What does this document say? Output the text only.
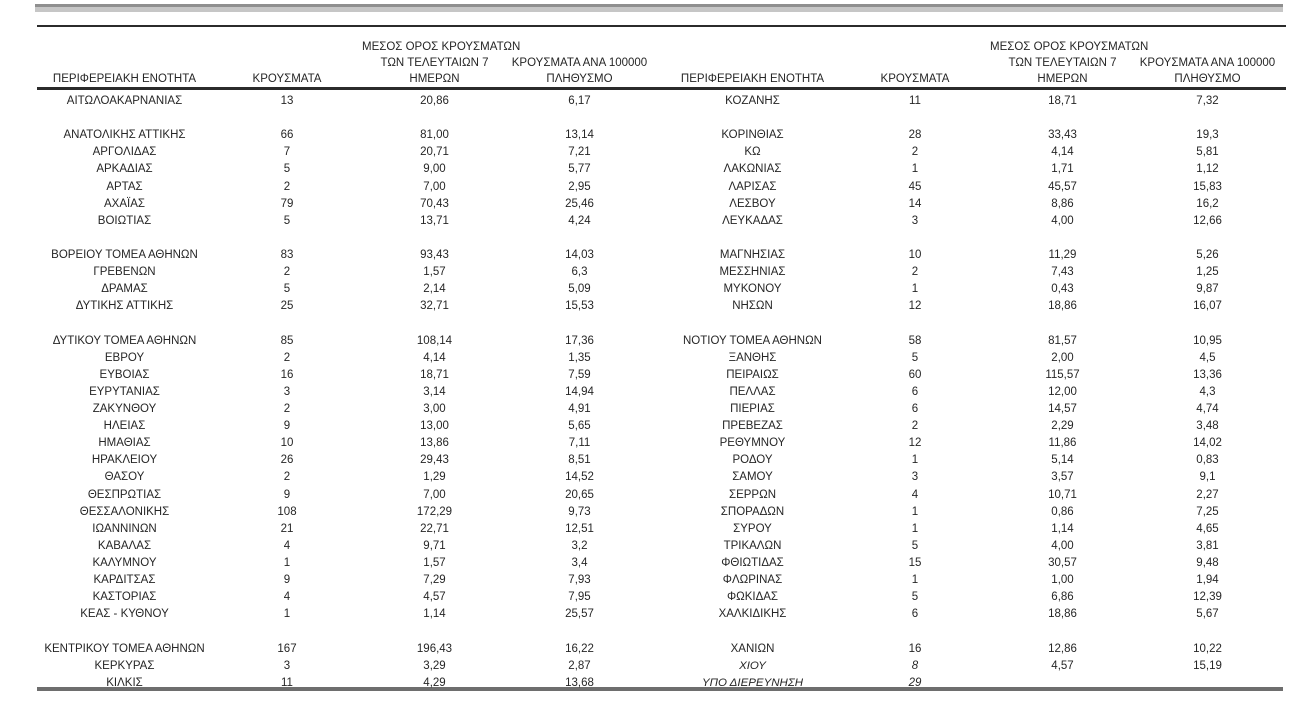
ΠΕΡΙΦΕΡΕΙΑΚΗ ΕΝΟΤΗΤΑ	ΚΡΟΥΣΜΑΤΑ
ΜΕΣΟΣ ΟΡΟΣ ΚΡΟΥΣΜΑΤΩΝ
ΤΩΝ ΤΕΛΕΥΤΑΙΩΝ 7
ΗΜΕΡΩΝ
ΚΡΟΥΣΜΑΤΑ ΑΝΑ 100000
ΠΛΗΘΥΣΜΟ
ΑΙΤΩΛΟΑΚΑΡΝΑΝΙΑΣ	13	20,86	6,17
ΑΝΑΤΟΛΙΚΗΣ ΑΤΤΙΚΗΣ	66	81,00	13,14
ΑΡΓΟΛΙΔΑΣ	7	20,71	7,21
ΑΡΚΑΔΙΑΣ	5	9,00	5,77
ΑΡΤΑΣ	2	7,00	2,95
ΑΧΑΪΑΣ	79	70,43	25,46
ΒΟΙΩΤΙΑΣ	5	13,71	4,24
ΒΟΡΕΙΟΥ ΤΟΜΕΑ ΑΘΗΝΩΝ	83	93,43	14,03
ΓΡΕΒΕΝΩΝ	2	1,57	6,3
ΔΡΑΜΑΣ	5	2,14	5,09
ΔΥΤΙΚΗΣ ΑΤΤΙΚΗΣ	25	32,71	15,53
ΔΥΤΙΚΟΥ ΤΟΜΕΑ ΑΘΗΝΩΝ	85	108,14	17,36
ΕΒΡΟΥ	2	4,14	1,35
ΕΥΒΟΙΑΣ	16	18,71	7,59
ΕΥΡΥΤΑΝΙΑΣ	3	3,14	14,94
ΖΑΚΥΝΘΟΥ	2	3,00	4,91
ΗΛΕΙΑΣ	9	13,00	5,65
ΗΜΑΘΙΑΣ	10	13,86	7,11
ΗΡΑΚΛΕΙΟΥ	26	29,43	8,51
ΘΑΣΟΥ	2	1,29	14,52
ΘΕΣΠΡΩΤΙΑΣ	9	7,00	20,65
ΘΕΣΣΑΛΟΝΙΚΗΣ	108	172,29	9,73
ΙΩΑΝΝΙΝΩΝ	21	22,71	12,51
ΚΑΒΑΛΑΣ	4	9,71	3,2
ΚΑΛΥΜΝΟΥ	1	1,57	3,4
ΚΑΡΔΙΤΣΑΣ	9	7,29	7,93
ΚΑΣΤΟΡΙΑΣ	4	4,57	7,95
ΚΕΑΣ - ΚΥΘΝΟΥ	1	1,14	25,57
ΚΕΝΤΡΙΚΟΥ ΤΟΜΕΑ ΑΘΗΝΩΝ	167	196,43	16,22
ΚΕΡΚΥΡΑΣ	3	3,29	2,87
ΚΙΛΚΙΣ	11	4,29	13,68
ΠΕΡΙΦΕΡΕΙΑΚΗ ΕΝΟΤΗΤΑ	ΚΡΟΥΣΜΑΤΑ
ΜΕΣΟΣ ΟΡΟΣ ΚΡΟΥΣΜΑΤΩΝ
ΤΩΝ ΤΕΛΕΥΤΑΙΩΝ 7
ΗΜΕΡΩΝ
ΚΡΟΥΣΜΑΤΑ ΑΝΑ 100000
ΠΛΗΘΥΣΜΟ
ΚΟΖΑΝΗΣ	11	18,71	7,32
ΚΟΡΙΝΘΙΑΣ	28	33,43	19,3
ΚΩ	2	4,14	5,81
ΛΑΚΩΝΙΑΣ	1	1,71	1,12
ΛΑΡΙΣΑΣ	45	45,57	15,83
ΛΕΣΒΟΥ	14	8,86	16,2
ΛΕΥΚΑΔΑΣ	3	4,00	12,66
ΜΑΓΝΗΣΙΑΣ	10	11,29	5,26
ΜΕΣΣΗΝΙΑΣ	2	7,43	1,25
ΜΥΚΟΝΟΥ	1	0,43	9,87
ΝΗΣΩΝ	12	18,86	16,07
ΝΟΤΙΟΥ ΤΟΜΕΑ ΑΘΗΝΩΝ	58	81,57	10,95
ΞΑΝΘΗΣ	5	2,00	4,5
ΠΕΙΡΑΙΩΣ	60	115,57	13,36
ΠΕΛΛΑΣ	6	12,00	4,3
ΠΙΕΡΙΑΣ	6	14,57	4,74
ΠΡΕΒΕΖΑΣ	2	2,29	3,48
ΡΕΘΥΜΝΟΥ	12	11,86	14,02
ΡΟΔΟΥ	1	5,14	0,83
ΣΑΜΟΥ	3	3,57	9,1
ΣΕΡΡΩΝ	4	10,71	2,27
ΣΠΟΡΑΔΩΝ	1	0,86	7,25
ΣΥΡΟΥ	1	1,14	4,65
ΤΡΙΚΑΛΩΝ	5	4,00	3,81
ΦΘΙΩΤΙΔΑΣ	15	30,57	9,48
ΦΛΩΡΙΝΑΣ	1	1,00	1,94
ΦΩΚΙΔΑΣ	5	6,86	12,39
ΧΑΛΚΙΔΙΚΗΣ	6	18,86	5,67
ΧΑΝΙΩΝ	16	12,86	10,22
ΧΙΟΥ	8	4,57	15,19
ΥΠΟ ΔΙΕΡΕΥΝΗΣΗ	29
